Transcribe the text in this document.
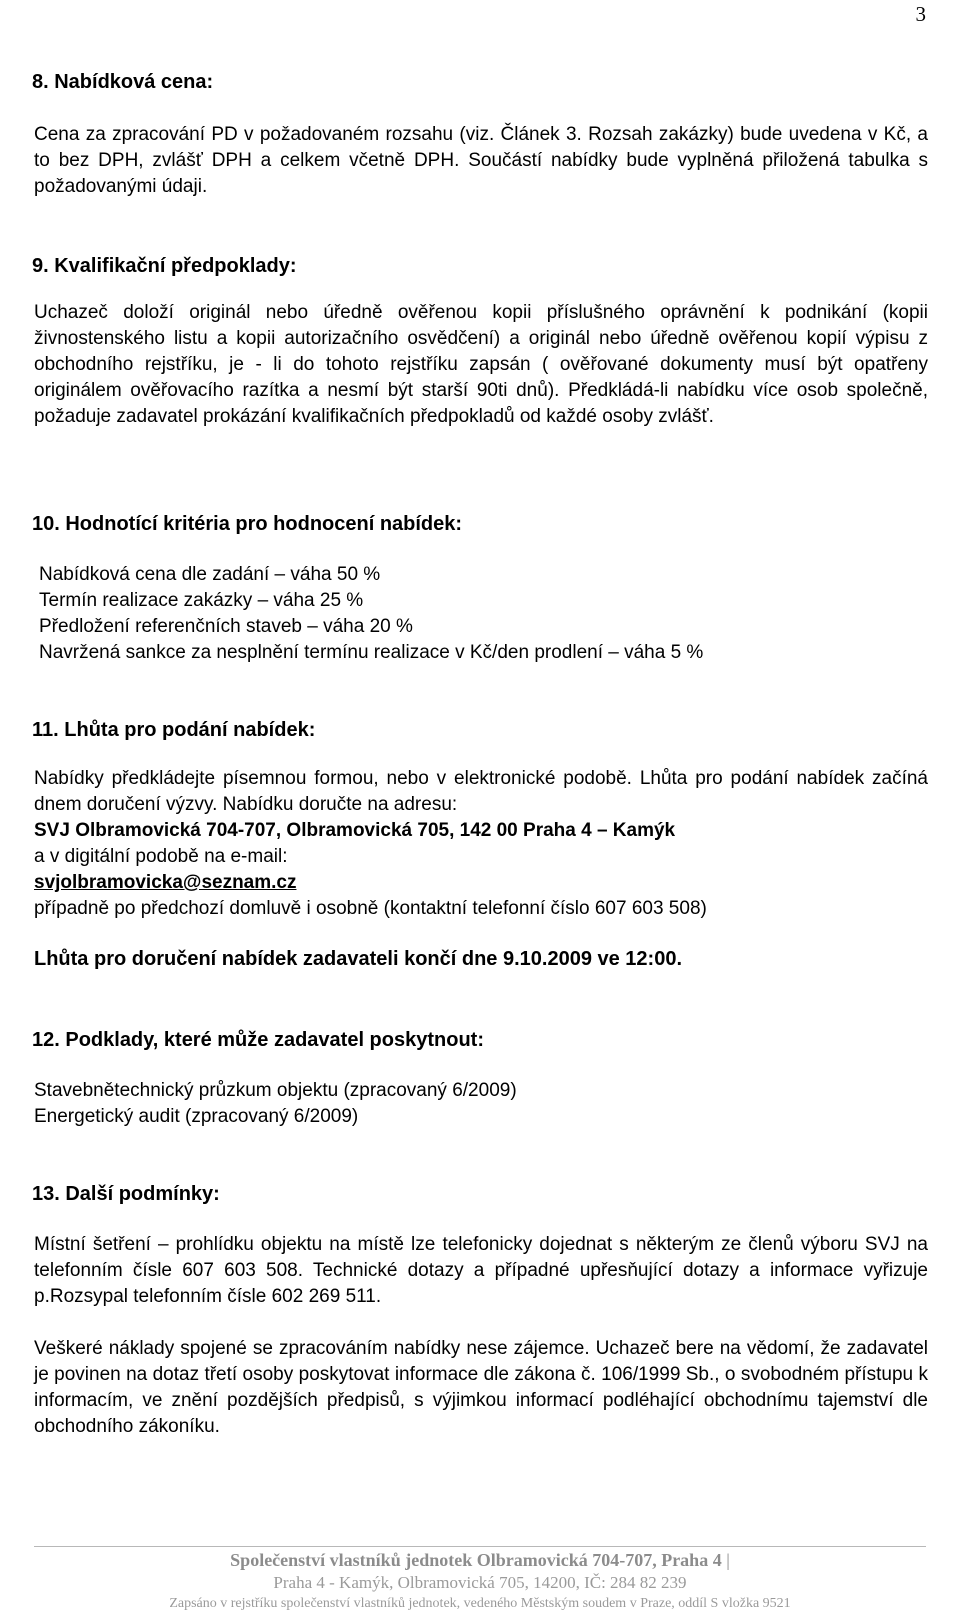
3
8. Nabídková cena:
Cena za zpracování PD v požadovaném rozsahu (viz. Článek 3. Rozsah zakázky) bude uvedena v Kč, a to bez DPH, zvlášť DPH a celkem včetně DPH. Součástí nabídky bude vyplněná přiložená tabulka s požadovanými údaji.
9. Kvalifikační předpoklady:
Uchazeč doloží originál nebo úředně ověřenou kopii příslušného oprávnění k podnikání (kopii živnostenského listu a kopii autorizačního osvědčení) a originál nebo úředně ověřenou kopií výpisu z obchodního rejstříku, je - li do tohoto rejstříku zapsán ( ověřované dokumenty musí být opatřeny originálem ověřovacího razítka a nesmí být starší 90ti dnů). Předkládá-li nabídku více osob společně, požaduje zadavatel prokázání kvalifikačních předpokladů od každé osoby zvlášť.
10. Hodnotící kritéria pro hodnocení nabídek:
Nabídková cena dle zadání – váha 50 %
Termín realizace zakázky – váha 25 %
Předložení referenčních staveb – váha 20 %
Navržená sankce za nesplnění termínu realizace v Kč/den prodlení – váha 5 %
11. Lhůta pro podání nabídek:
Nabídky předkládejte písemnou formou, nebo v elektronické podobě. Lhůta pro podání nabídek začíná dnem doručení výzvy. Nabídku doručte na adresu:
SVJ Olbramovická 704-707, Olbramovická 705, 142 00 Praha 4 – Kamýk
a v digitální podobě na e-mail:
svjolbramovicka@seznam.cz
případně po předchozí domluvě i osobně (kontaktní telefonní číslo 607 603 508)
Lhůta pro doručení nabídek zadavateli končí dne 9.10.2009 ve 12:00.
12. Podklady, které může zadavatel poskytnout:
Stavebnětechnický průzkum objektu (zpracovaný 6/2009)
Energetický audit (zpracovaný 6/2009)
13. Další podmínky:
Místní šetření – prohlídku objektu na místě lze telefonicky dojednat s některým ze členů výboru SVJ na telefonním čísle 607 603 508. Technické dotazy a případné upřesňující dotazy a informace vyřizuje p.Rozsypal telefonním čísle 602 269 511.
Veškeré náklady spojené se zpracováním nabídky nese zájemce. Uchazeč bere na vědomí, že zadavatel je povinen na dotaz třetí osoby poskytovat informace dle zákona č. 106/1999 Sb., o svobodném přístupu k informacím, ve znění pozdějších předpisů, s výjimkou informací podléhající obchodnímu tajemství dle obchodního zákoníku.
Společenství vlastníků jednotek Olbramovická 704-707, Praha 4 |
Praha 4 - Kamýk, Olbramovická 705, 14200, IČ: 284 82 239
Zapsáno v rejstříku společenství vlastníků jednotek, vedeného Městským soudem v Praze, oddíl S vložka 9521
